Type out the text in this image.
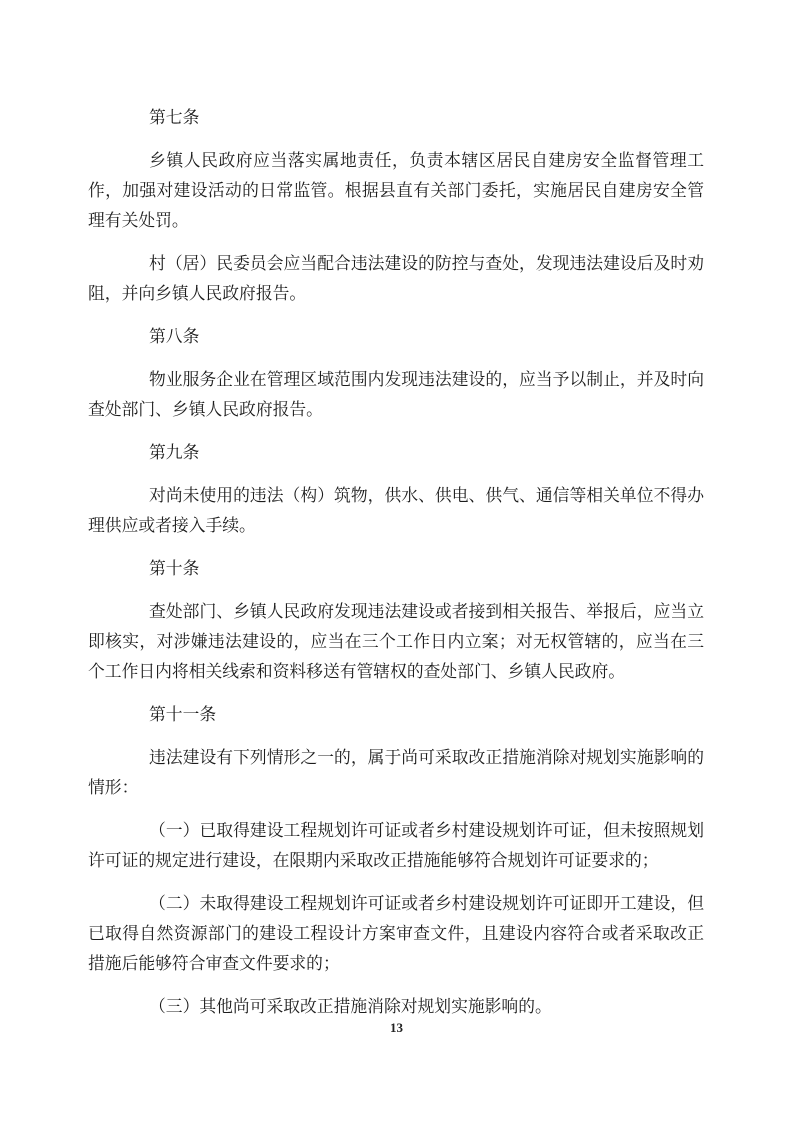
第七条

乡镇人民政府应当落实属地责任，负责本辖区居民自建房安全监督管理工作，加强对建设活动的日常监管。根据县直有关部门委托，实施居民自建房安全管理有关处罚。

村（居）民委员会应当配合违法建设的防控与查处，发现违法建设后及时劝阻，并向乡镇人民政府报告。

第八条

物业服务企业在管理区域范围内发现违法建设的，应当予以制止，并及时向查处部门、乡镇人民政府报告。

第九条

对尚未使用的违法（构）筑物，供水、供电、供气、通信等相关单位不得办理供应或者接入手续。

第十条

查处部门、乡镇人民政府发现违法建设或者接到相关报告、举报后，应当立即核实，对涉嫌违法建设的，应当在三个工作日内立案；对无权管辖的，应当在三个工作日内将相关线索和资料移送有管辖权的查处部门、乡镇人民政府。

第十一条

违法建设有下列情形之一的，属于尚可采取改正措施消除对规划实施影响的情形：

（一）已取得建设工程规划许可证或者乡村建设规划许可证，但未按照规划许可证的规定进行建设，在限期内采取改正措施能够符合规划许可证要求的；

（二）未取得建设工程规划许可证或者乡村建设规划许可证即开工建设，但已取得自然资源部门的建设工程设计方案审查文件，且建设内容符合或者采取改正措施后能够符合审查文件要求的；

（三）其他尚可采取改正措施消除对规划实施影响的。

13
